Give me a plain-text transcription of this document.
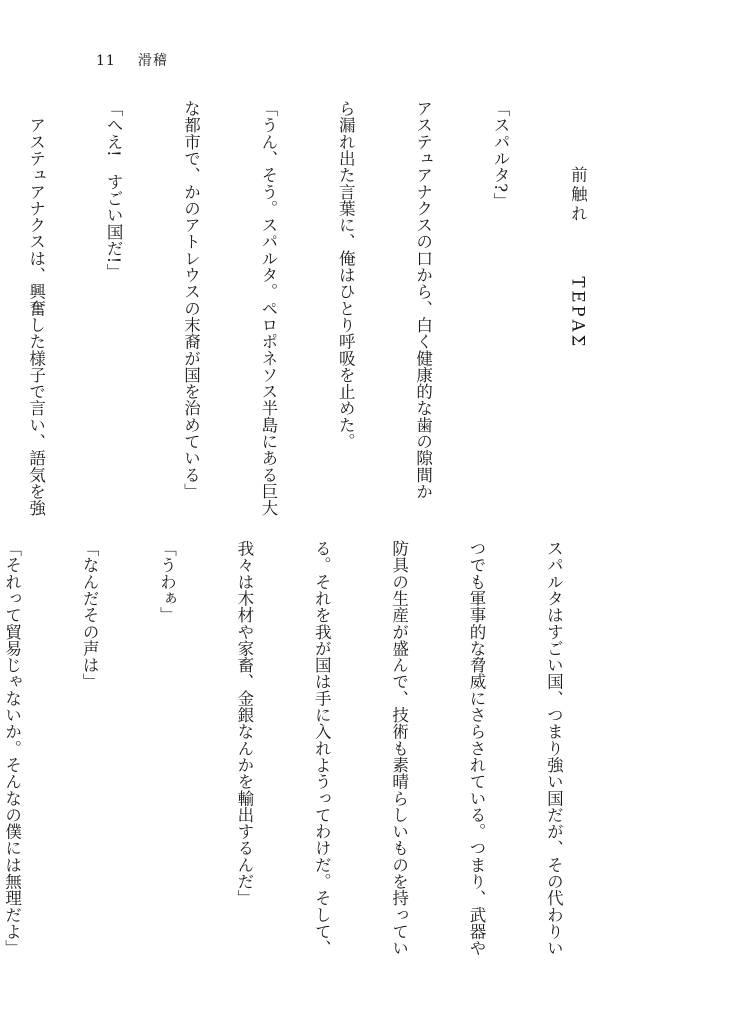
11 滑稽

前触れΤΕΡΑΣ

「スパルタ?」

アステュアナクスの口から、白く健康的な歯の隙間か

ら漏れ出た言葉に、俺はひとり呼吸を止めた。

「うん、そう。スパルタ。ペロポネソス半島にある巨大

な都市で、かのアトレウスの末裔が国を治めている」

「へえ!　すごい国だ!」

　アステュアナクスは、興奮した様子で言い、語気を強

スパルタはすごい国、つまり強い国だが、その代わりい

つでも軍事的な脅威にさらされている。つまり、武器や

防具の生産が盛んで、技術も素晴らしいものを持ってい

る。それを我が国は手に入れようってわけだ。そして、

我々は木材や家畜、金銀なんかを輸出するんだ」

「うわぁ」

「なんだその声は」

「それって貿易じゃないか。そんなの僕には無理だよ」
